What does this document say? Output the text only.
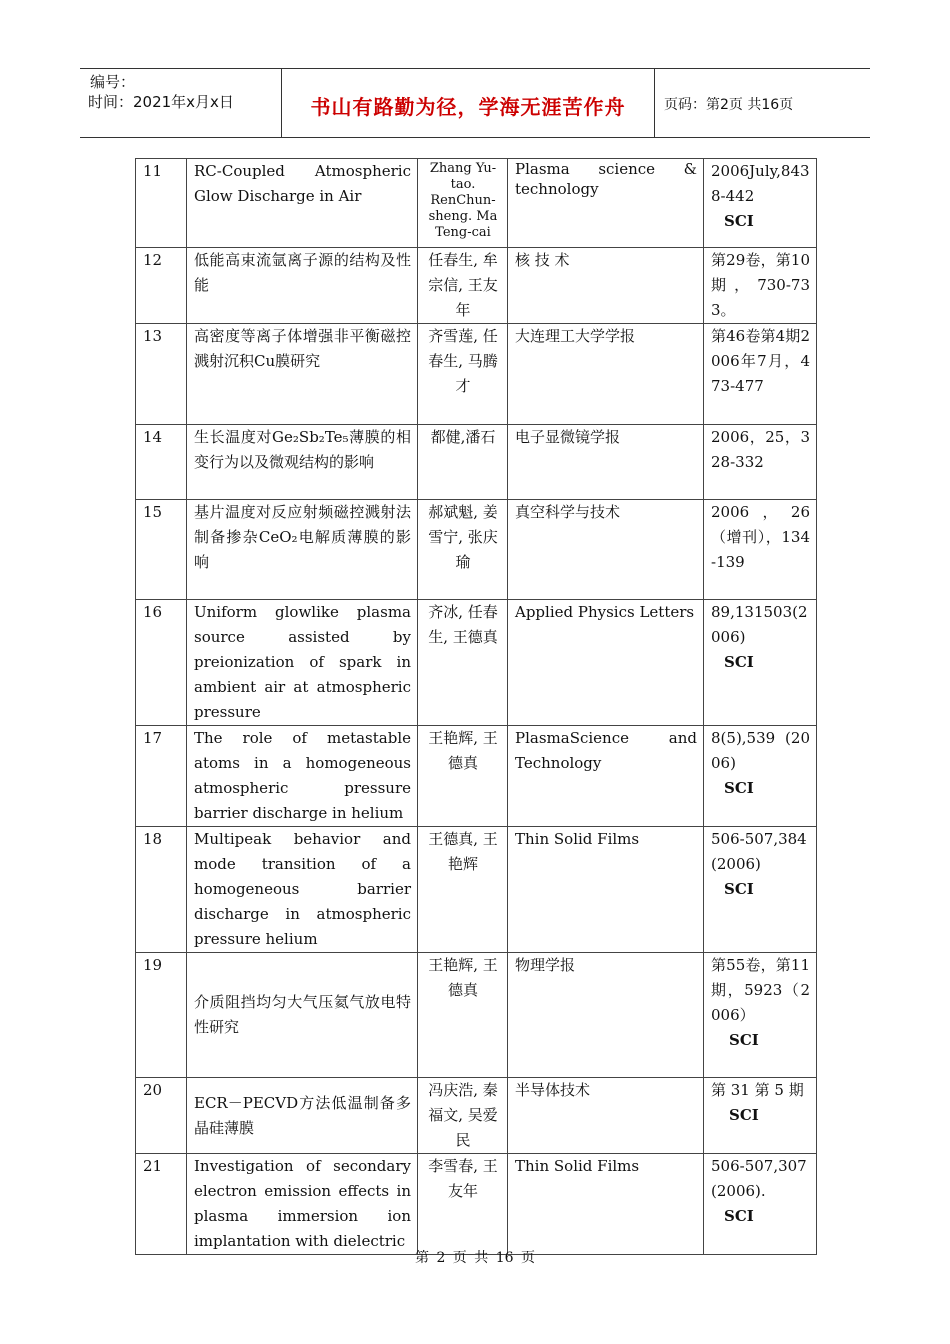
编号：
时间：2021年x月x日	书山有路勤为径，学海无涯苦作舟	页码：第2页 共16页
11	RC-Coupled Atmospheric Glow Discharge in Air	Zhang Yu-tao. RenChun-sheng. Ma Teng-cai	Plasma science & technology	2006July,8438-442
SCI

12	低能高束流氩离子源的结构及性能	任春生, 牟宗信, 王友年	核 技 术	第29卷，第10期，730-733。
13	高密度等离子体增强非平衡磁控溅射沉积Cu膜研究	齐雪莲, 任春生, 马腾才	大连理工大学学报	第46卷第4期2006年7月，473-477
14	生长温度对Ge₂Sb₂Te₅薄膜的相变行为以及微观结构的影响	都健,潘石	电子显微镜学报	2006，25，328-332
15	基片温度对反应射频磁控溅射法制备掺杂CeO₂电解质薄膜的影响	郝斌魁, 姜雪宁, 张庆瑜	真空科学与技术	2006，26（增刊），134-139
16	Uniform glowlike plasma source assisted by preionization of spark in ambient air at atmospheric pressure	齐冰, 任春生, 王德真	Applied Physics Letters	89,131503(2006)
SCI

17	The role of metastable atoms in a homogeneous atmospheric pressure barrier discharge in helium	王艳辉, 王德真	PlasmaScience and Technology	8(5),539 (2006)
SCI

18	Multipeak behavior and mode transition of a homogeneous barrier discharge in atmospheric pressure helium	王德真, 王艳辉	Thin Solid Films	506-507,384(2006)
SCI

19	介质阻挡均匀大气压氦气放电特性研究	王艳辉, 王德真	物理学报	第55卷，第11期，5923（2006）
SCI

20	ECR－PECVD方法低温制备多晶硅薄膜	冯庆浩, 秦福文, 吴爱民	半导体技术	第 31 第 5 期
SCI

21	Investigation of secondary electron emission effects in plasma immersion ion implantation with dielectric	李雪春, 王友年	Thin Solid Films	506-507,307 (2006).
SCI
第 2 页 共 16 页
